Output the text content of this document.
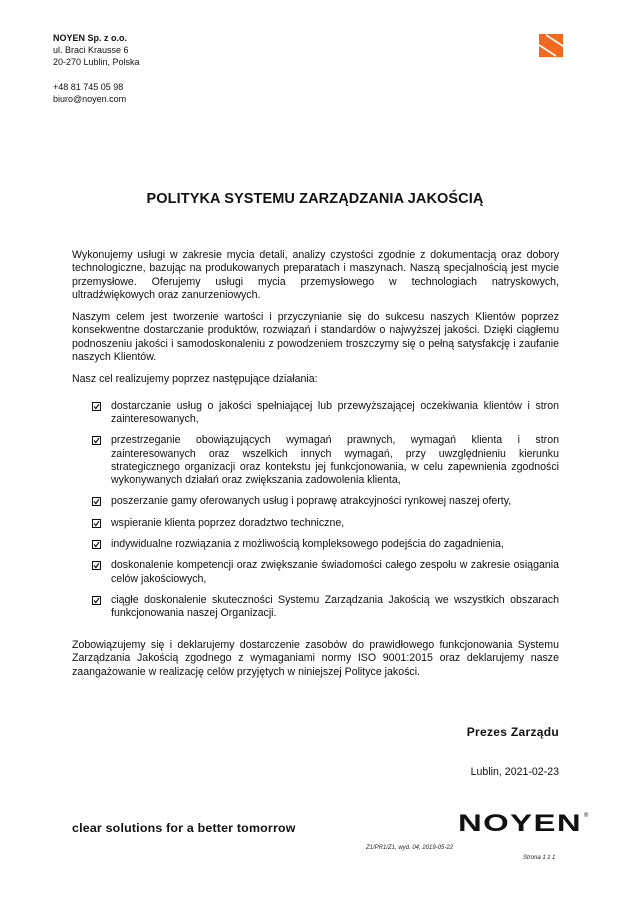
NOYEN Sp. z o.o.
ul. Braci Krausse 6
20-270 Lublin, Polska
+48 81 745 05 98
biuro@noyen.com
POLITYKA SYSTEMU ZARZĄDZANIA JAKOŚCIĄ

Wykonujemy usługi w zakresie mycia detali, analizy czystości zgodnie z dokumentacją oraz dobory technologiczne, bazując na produkowanych preparatach i maszynach. Naszą specjalnością jest mycie przemysłowe. Oferujemy usługi mycia przemysłowego w technologiach natryskowych, ultradźwiękowych oraz zanurzeniowych.

Naszym celem jest tworzenie wartości i przyczynianie się do sukcesu naszych Klientów poprzez konsekwentne dostarczanie produktów, rozwiązań i standardów o najwyższej jakości. Dzięki ciągłemu podnoszeniu jakości i samodoskonaleniu z powodzeniem troszczymy się o pełną satysfakcję i zaufanie naszych Klientów.

Nasz cel realizujemy poprzez następujące działania:

dostarczanie usług o jakości spełniającej lub przewyższającej oczekiwania klientów i stron zainteresowanych,
przestrzeganie obowiązujących wymagań prawnych, wymagań klienta i stron zainteresowanych oraz wszelkich innych wymagań, przy uwzględnieniu kierunku strategicznego organizacji oraz kontekstu jej funkcjonowania, w celu zapewnienia zgodności wykonywanych działań oraz zwiększania zadowolenia klienta,
poszerzanie gamy oferowanych usług i poprawę atrakcyjności rynkowej naszej oferty,
wspieranie klienta poprzez doradztwo techniczne,
indywidualne rozwiązania z możliwością kompleksowego podejścia do zagadnienia,
doskonalenie kompetencji oraz zwiększanie świadomości całego zespołu w zakresie osiągania celów jakościowych,
ciągłe doskonalenie skuteczności Systemu Zarządzania Jakością we wszystkich obszarach funkcjonowania naszej Organizacji.

Zobowiązujemy się i deklarujemy dostarczenie zasobów do prawidłowego funkcjonowania Systemu Zarządzania Jakością zgodnego z wymaganiami normy ISO 9001:2015 oraz deklarujemy nasze zaangażowanie w realizację celów przyjętych w niniejszej Polityce jakości.

Prezes Zarządu
Lublin, 2021-02-23
clear solutions for a better tomorrow	NOYEN ®
Z1/PR1/Z1, wyd. 04, 2019-05-22
Strona 1 z 1
